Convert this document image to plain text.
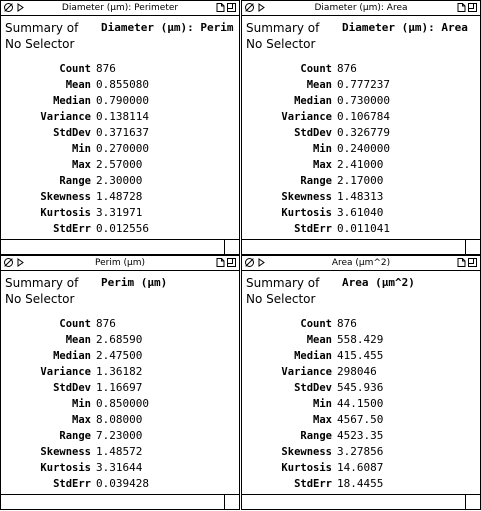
Diameter (µm): Perimeter
Summary of No Selector
Diameter (µm): Perim
Count 876
Mean 0.855080
Median 0.790000
Variance 0.138114
StdDev 0.371637
Min 0.270000
Max 2.57000
Range 2.30000
Skewness 1.48728
Kurtosis 3.31971
StdErr 0.012556
Diameter (µm): Area
Summary of No Selector
Diameter (µm): Area
Count 876
Mean 0.777237
Median 0.730000
Variance 0.106784
StdDev 0.326779
Min 0.240000
Max 2.41000
Range 2.17000
Skewness 1.48313
Kurtosis 3.61040
StdErr 0.011041
Perim (µm)
Summary of No Selector
Perim (µm)
Count 876
Mean 2.68590
Median 2.47500
Variance 1.36182
StdDev 1.16697
Min 0.850000
Max 8.08000
Range 7.23000
Skewness 1.48572
Kurtosis 3.31644
StdErr 0.039428
Area (µm^2)
Summary of No Selector
Area (µm^2)
Count 876
Mean 558.429
Median 415.455
Variance 298046
StdDev 545.936
Min 44.1500
Max 4567.50
Range 4523.35
Skewness 3.27856
Kurtosis 14.6087
StdErr 18.4455
